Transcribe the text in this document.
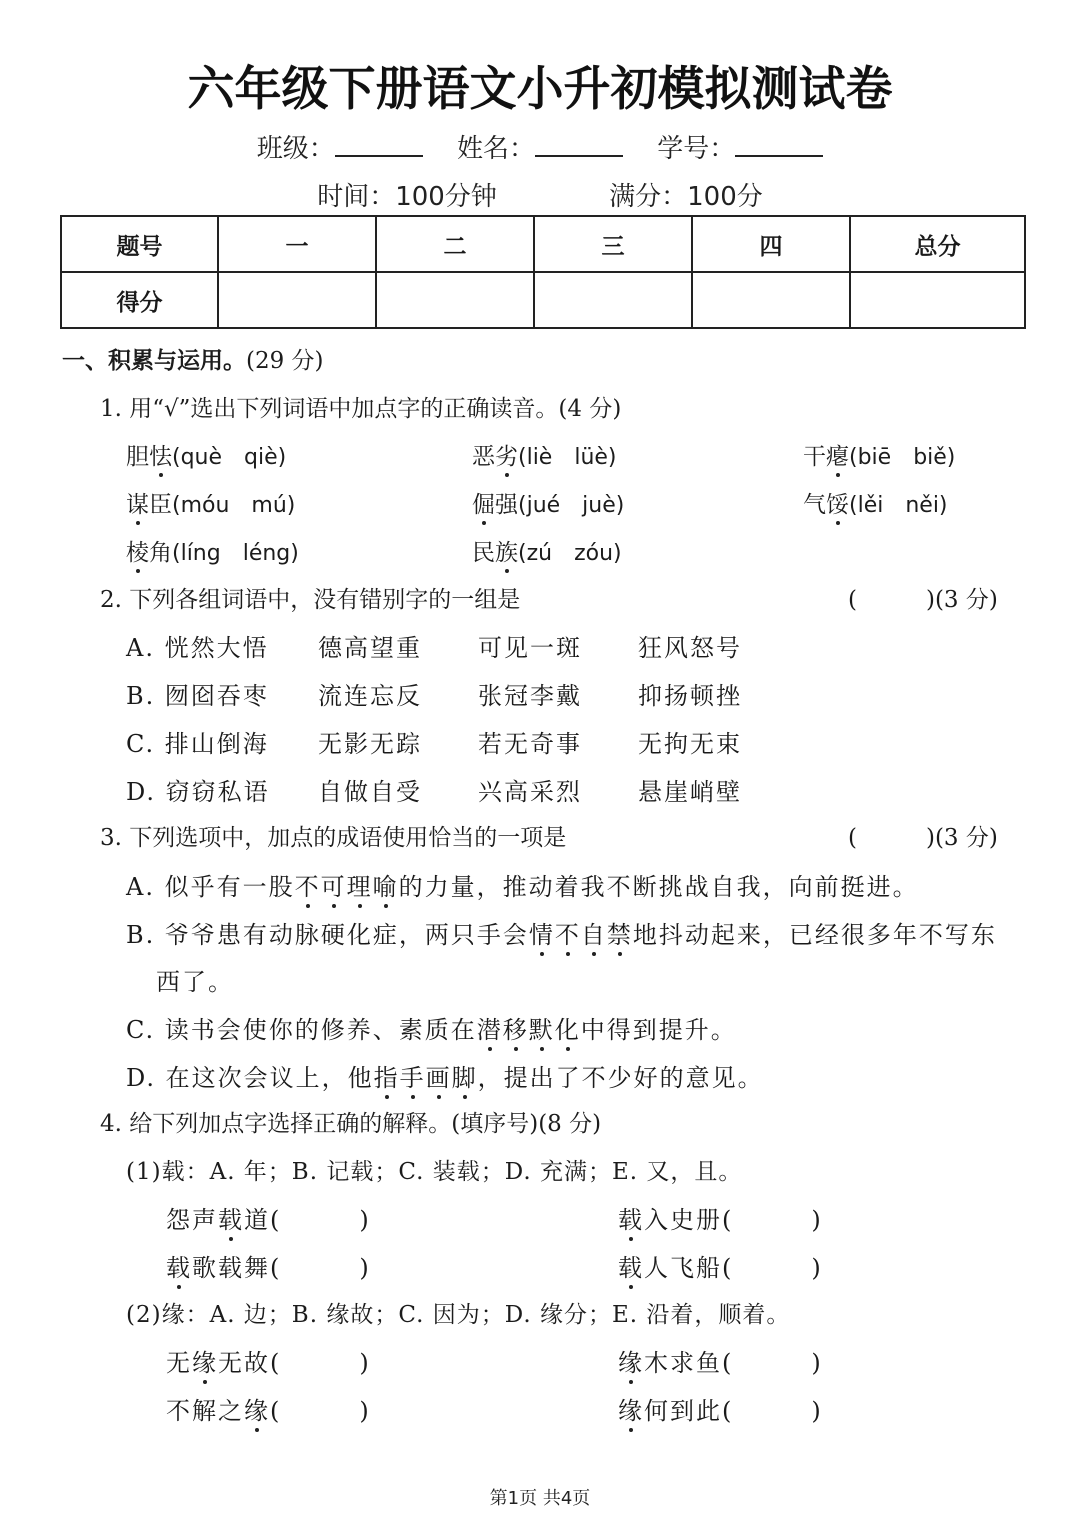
六年级下册语文小升初模拟测试卷
班级：	姓名：	学号：
时间：100分钟	满分：100分
题号	一	二	三	四	总分
得分					
一、积累与运用。(29 分)
1. 用“√”选出下列词语中加点字的正确读音。(4 分)
胆怯(què　qiè)	恶劣(liè　lüè)	干瘪(biē　biě)
谋臣(móu　mú)	倔强(jué　juè)	气馁(lěi　něi)
棱角(líng　léng)	民族(zú　zóu)
2. 下列各组词语中，没有错别字的一组是	(　　　)(3 分)
A. 恍然大悟 德高望重 可见一斑 狂风怒号
B. 囫囵吞枣 流连忘反 张冠李戴 抑扬顿挫
C. 排山倒海 无影无踪 若无奇事 无拘无束
D. 窃窃私语 自做自受 兴高采烈 悬崖峭壁
3. 下列选项中，加点的成语使用恰当的一项是	(　　　)(3 分)
A. 似乎有一股不可理喻的力量，推动着我不断挑战自我，向前挺进。
B. 爷爷患有动脉硬化症，两只手会情不自禁地抖动起来，已经很多年不写东
西了。
C. 读书会使你的修养、素质在潜移默化中得到提升。
D. 在这次会议上，他指手画脚，提出了不少好的意见。
4. 给下列加点字选择正确的解释。(填序号)(8 分)
(1)载：A. 年；B. 记载；C. 装载；D. 充满；E. 又，且。
怨声载道(　　　)	载入史册(　　　)
载歌载舞(　　　)	载人飞船(　　　)
(2)缘：A. 边；B. 缘故；C. 因为；D. 缘分；E. 沿着，顺着。
无缘无故(　　　)	缘木求鱼(　　　)
不解之缘(　　　)	缘何到此(　　　)
第1页 共4页
